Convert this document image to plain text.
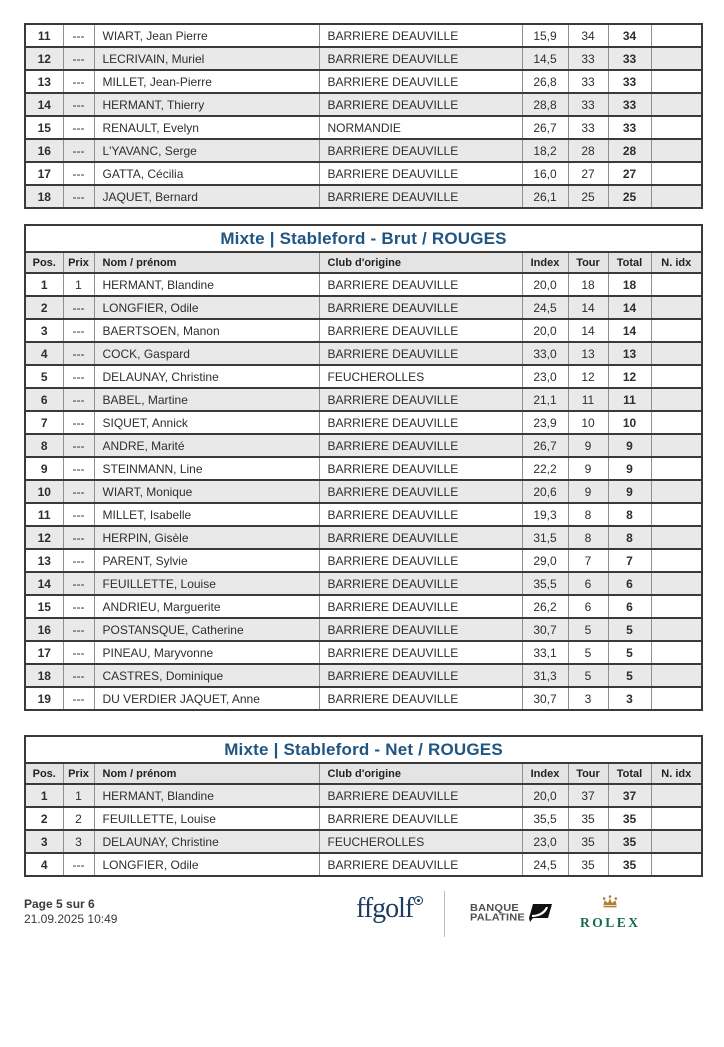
11	---	WIART, Jean Pierre	BARRIERE DEAUVILLE	15,9	34	34	
12	---	LECRIVAIN, Muriel	BARRIERE DEAUVILLE	14,5	33	33	
13	---	MILLET, Jean-Pierre	BARRIERE DEAUVILLE	26,8	33	33	
14	---	HERMANT, Thierry	BARRIERE DEAUVILLE	28,8	33	33	
15	---	RENAULT, Evelyn	NORMANDIE	26,7	33	33	
16	---	L'YAVANC, Serge	BARRIERE DEAUVILLE	18,2	28	28	
17	---	GATTA, Cécilia	BARRIERE DEAUVILLE	16,0	27	27	
18	---	JAQUET, Bernard	BARRIERE DEAUVILLE	26,1	25	25	
Mixte | Stableford - Brut / ROUGES							
Pos.	Prix	Nom / prénom	Club d'origine	Index	Tour	Total	N. idx
1	1	HERMANT, Blandine	BARRIERE DEAUVILLE	20,0	18	18	
2	---	LONGFIER, Odile	BARRIERE DEAUVILLE	24,5	14	14	
3	---	BAERTSOEN, Manon	BARRIERE DEAUVILLE	20,0	14	14	
4	---	COCK, Gaspard	BARRIERE DEAUVILLE	33,0	13	13	
5	---	DELAUNAY, Christine	FEUCHEROLLES	23,0	12	12	
6	---	BABEL, Martine	BARRIERE DEAUVILLE	21,1	11	11	
7	---	SIQUET, Annick	BARRIERE DEAUVILLE	23,9	10	10	
8	---	ANDRE, Marité	BARRIERE DEAUVILLE	26,7	9	9	
9	---	STEINMANN, Line	BARRIERE DEAUVILLE	22,2	9	9	
10	---	WIART, Monique	BARRIERE DEAUVILLE	20,6	9	9	
11	---	MILLET, Isabelle	BARRIERE DEAUVILLE	19,3	8	8	
12	---	HERPIN, Gisèle	BARRIERE DEAUVILLE	31,5	8	8	
13	---	PARENT, Sylvie	BARRIERE DEAUVILLE	29,0	7	7	
14	---	FEUILLETTE, Louise	BARRIERE DEAUVILLE	35,5	6	6	
15	---	ANDRIEU, Marguerite	BARRIERE DEAUVILLE	26,2	6	6	
16	---	POSTANSQUE, Catherine	BARRIERE DEAUVILLE	30,7	5	5	
17	---	PINEAU, Maryvonne	BARRIERE DEAUVILLE	33,1	5	5	
18	---	CASTRES, Dominique	BARRIERE DEAUVILLE	31,3	5	5	
19	---	DU VERDIER JAQUET, Anne	BARRIERE DEAUVILLE	30,7	3	3	
Mixte | Stableford - Net / ROUGES							
Pos.	Prix	Nom / prénom	Club d'origine	Index	Tour	Total	N. idx
1	1	HERMANT, Blandine	BARRIERE DEAUVILLE	20,0	37	37	
2	2	FEUILLETTE, Louise	BARRIERE DEAUVILLE	35,5	35	35	
3	3	DELAUNAY, Christine	FEUCHEROLLES	23,0	35	35	
4	---	LONGFIER, Odile	BARRIERE DEAUVILLE	24,5	35	35	
Page 5 sur 6
21.09.2025 10:49	ffgolf	BANQUE
PALATINE	ROLEX
